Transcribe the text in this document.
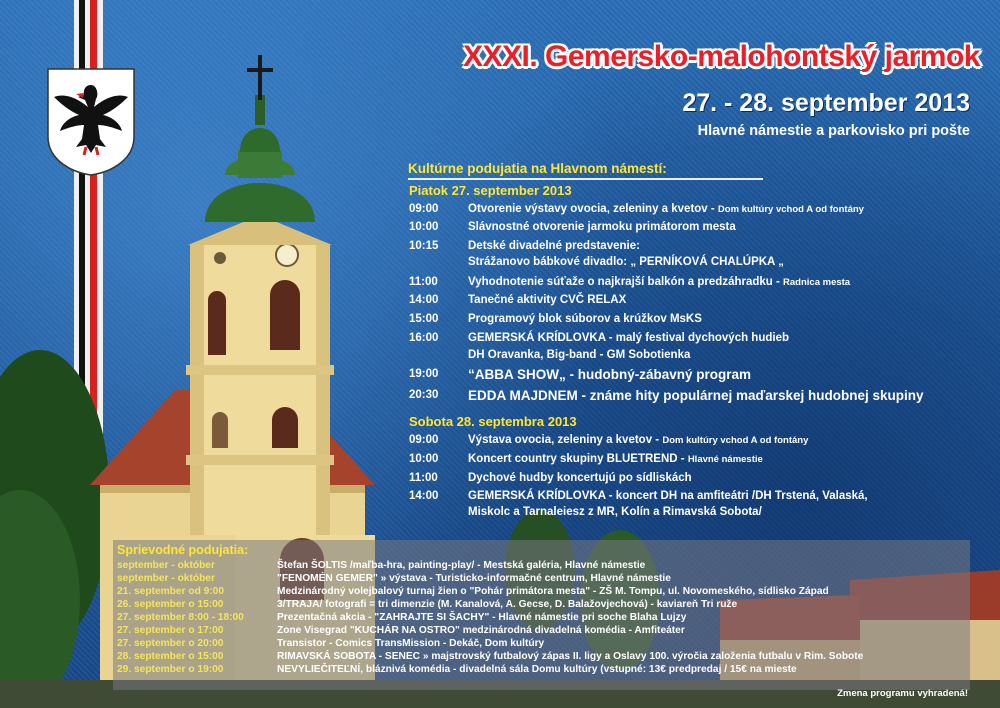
XXXI. Gemersko-malohontský jarmok
27. - 28. september 2013
Hlavné námestie a parkovisko pri pošte
Kultúrne podujatia na Hlavnom námestí:
Piatok 27. september 2013
09:00	Otvorenie výstavy ovocia, zeleniny a kvetov - Dom kultúry vchod A od fontány
10:00	Slávnostné otvorenie jarmoku primátorom mesta
10:15	Detské divadelné predstavenie:
Strážanovo bábkové divadlo: „ PERNÍKOVÁ CHALÚPKA „
11:00	Vyhodnotenie súťaže o najkrajší balkón a predzáhradku - Radnica mesta
14:00	Tanečné aktivity CVČ RELAX
15:00	Programový blok súborov a krúžkov MsKS
16:00	GEMERSKÁ KRÍDLOVKA - malý festival dychových hudieb
DH Oravanka, Big-band - GM Sobotienka
19:00	“ABBA SHOW„ - hudobný-zábavný program
20:30	EDDA MAJDNEM - známe hity populárnej maďarskej hudobnej skupiny
Sobota 28. septembra 2013
09:00	Výstava ovocia, zeleniny a kvetov - Dom kultúry vchod A od fontány
10:00	Koncert country skupiny BLUETREND - Hlavné námestie
11:00	Dychové hudby koncertujú po sídliskách
14:00	GEMERSKÁ KRÍDLOVKA - koncert DH na amfiteátri /DH Trstená, Valaská,
Miskolc a Tarnaleiesz z MR, Kolín a Rimavská Sobota/
Sprievodné podujatia:
september - október	Štefan ŠOLTIS /maľba-hra, painting-play/ - Mestská galéria, Hlavné námestie
september - október	"FENOMÉN GEMER" » výstava - Turisticko-informačné centrum, Hlavné námestie
21. september od 9:00	Medzinárodný volejbalový turnaj žien o "Pohár primátora mesta" - ZŠ M. Tompu, ul. Novomeského, sídlisko Západ
26. september o 15:00	3/TRAJA/ fotografi = tri dimenzie (M. Kanalová, A. Gecse, D. Balažovjechová) - kaviareň Tri ruže
27. september 8:00 - 18:00	Prezentačná akcia - "ZAHRAJTE SI ŠACHY" - Hlavné námestie pri soche Blaha Lujzy
27. september o 17:00	Zone Visegrad "KUCHÁR NA OSTRO" medzinárodná divadelná komédia - Amfiteáter
27. september o 20:00	Transistor - Comics TransMission - Dekáč, Dom kultúry
28. september o 15:00	RIMAVSKÁ SOBOTA - SENEC » majstrovský futbalový zápas II. ligy a Oslavy 100. výročia založenia futbalu v Rim. Sobote
29. september o 19:00	NEVYLIEČITEĽNÍ, bláznivá komédia - divadelná sála Domu kultúry (vstupné: 13€ predpredaj / 15€ na mieste
Zmena programu vyhradená!
